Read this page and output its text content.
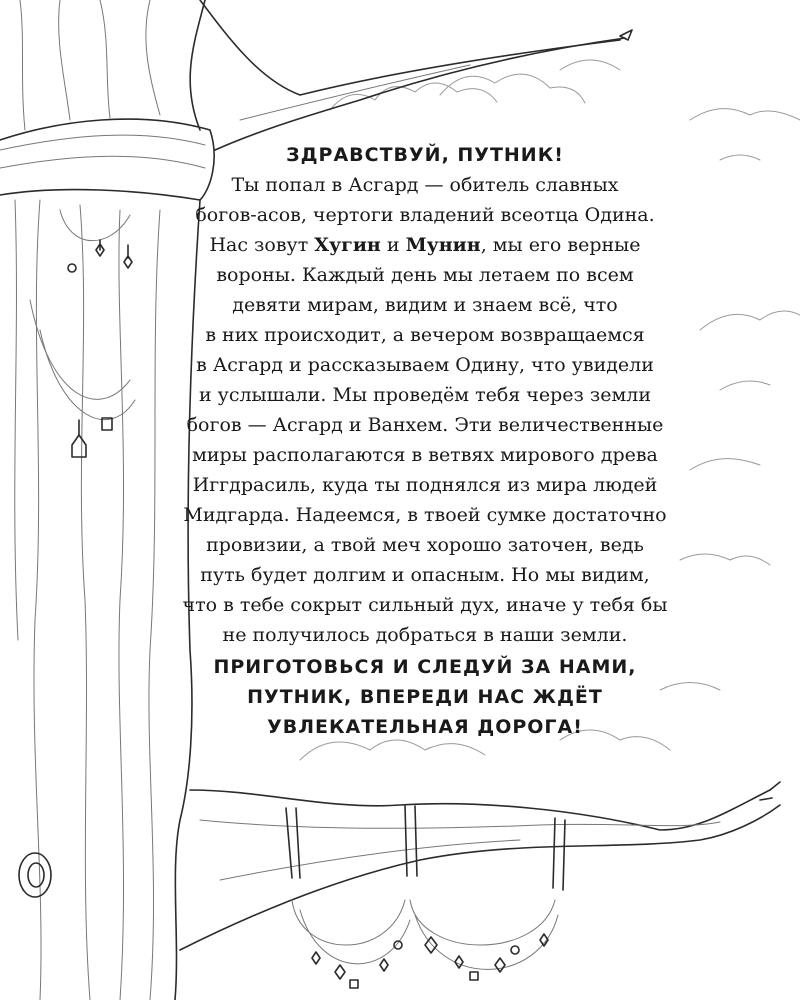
ЗДРАВСТВУЙ, ПУТНИК!

Ты попал в Асгард — обитель славных

богов-асов, чертоги владений всеотца Одина.

Нас зовут Хугин и Мунин, мы его верные

вороны. Каждый день мы летаем по всем

девяти мирам, видим и знаем всё, что

в них происходит, а вечером возвращаемся

в Асгард и рассказываем Одину, что увидели

и услышали. Мы проведём тебя через земли

богов — Асгард и Ванхем. Эти величественные

миры располагаются в ветвях мирового древа

Иггдрасиль, куда ты поднялся из мира людей

Мидгарда. Надеемся, в твоей сумке достаточно

провизии, а твой меч хорошо заточен, ведь

путь будет долгим и опасным. Но мы видим,

что в тебе сокрыт сильный дух, иначе у тебя бы

не получилось добраться в наши земли.

ПРИГОТОВЬСЯ И СЛЕДУЙ ЗА НАМИ,

ПУТНИК, ВПЕРЕДИ НАС ЖДЁТ

УВЛЕКАТЕЛЬНАЯ ДОРОГА!
